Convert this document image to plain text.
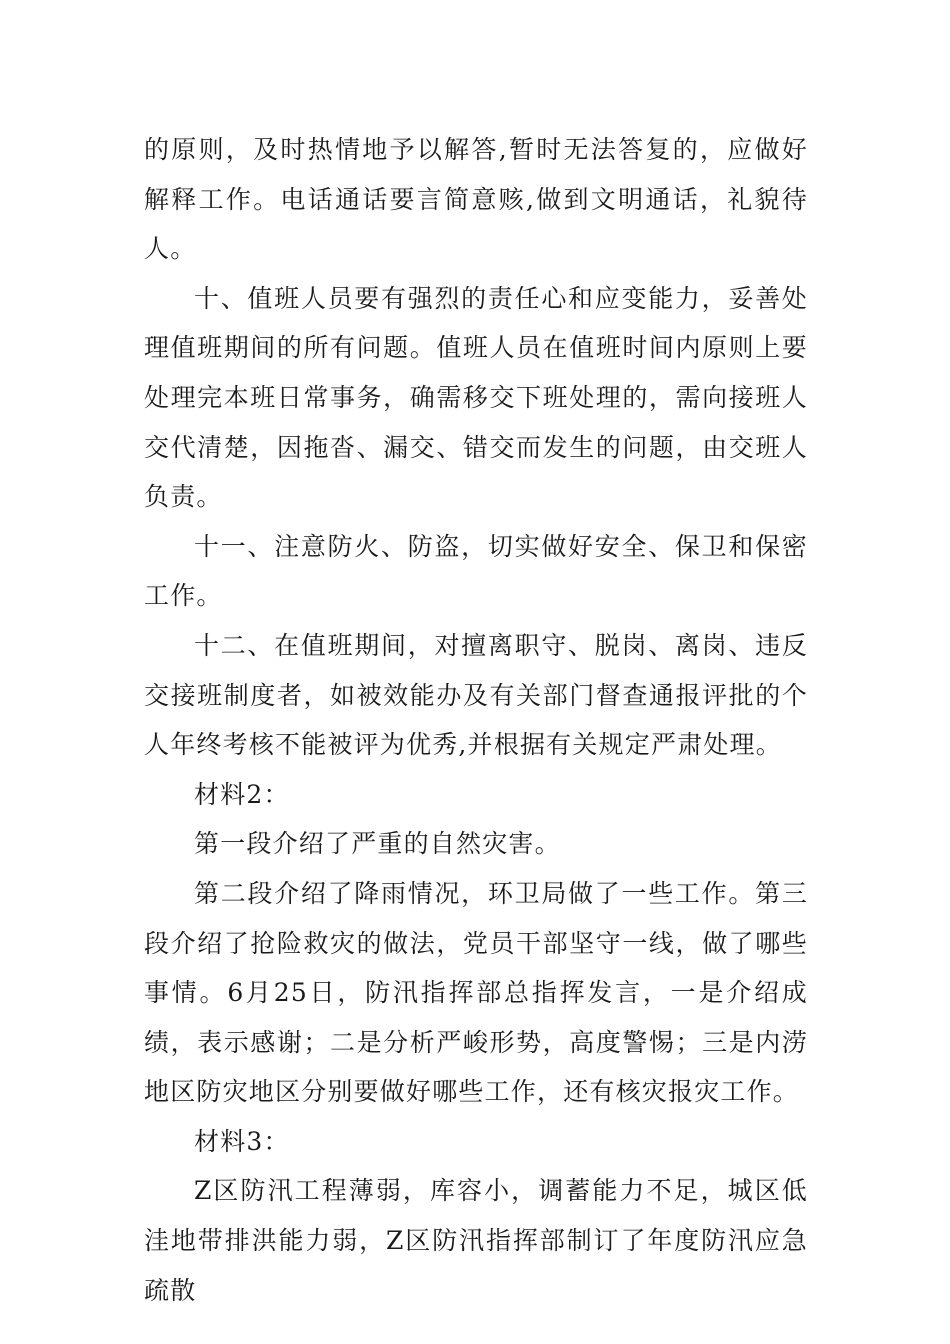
的原则，及时热情地予以解答,暂时无法答复的，应做好解释工作。电话通话要言简意赅,做到文明通话，礼貌待人。

十、值班人员要有强烈的责任心和应变能力，妥善处理值班期间的所有问题。值班人员在值班时间内原则上要处理完本班日常事务，确需移交下班处理的，需向接班人交代清楚，因拖沓、漏交、错交而发生的问题，由交班人负责。

十一、注意防火、防盗，切实做好安全、保卫和保密工作。

十二、在值班期间，对擅离职守、脱岗、离岗、违反交接班制度者，如被效能办及有关部门督查通报评批的个人年终考核不能被评为优秀,并根据有关规定严肃处理。

材料2：

第一段介绍了严重的自然灾害。

第二段介绍了降雨情况，环卫局做了一些工作。第三段介绍了抢险救灾的做法，党员干部坚守一线，做了哪些事情。6月25日，防汛指挥部总指挥发言，一是介绍成绩，表示感谢；二是分析严峻形势，高度警惕；三是内涝地区防灾地区分别要做好哪些工作，还有核灾报灾工作。

材料3：

Z区防汛工程薄弱，库容小，调蓄能力不足，城区低洼地带排洪能力弱，Z区防汛指挥部制订了年度防汛应急疏散
